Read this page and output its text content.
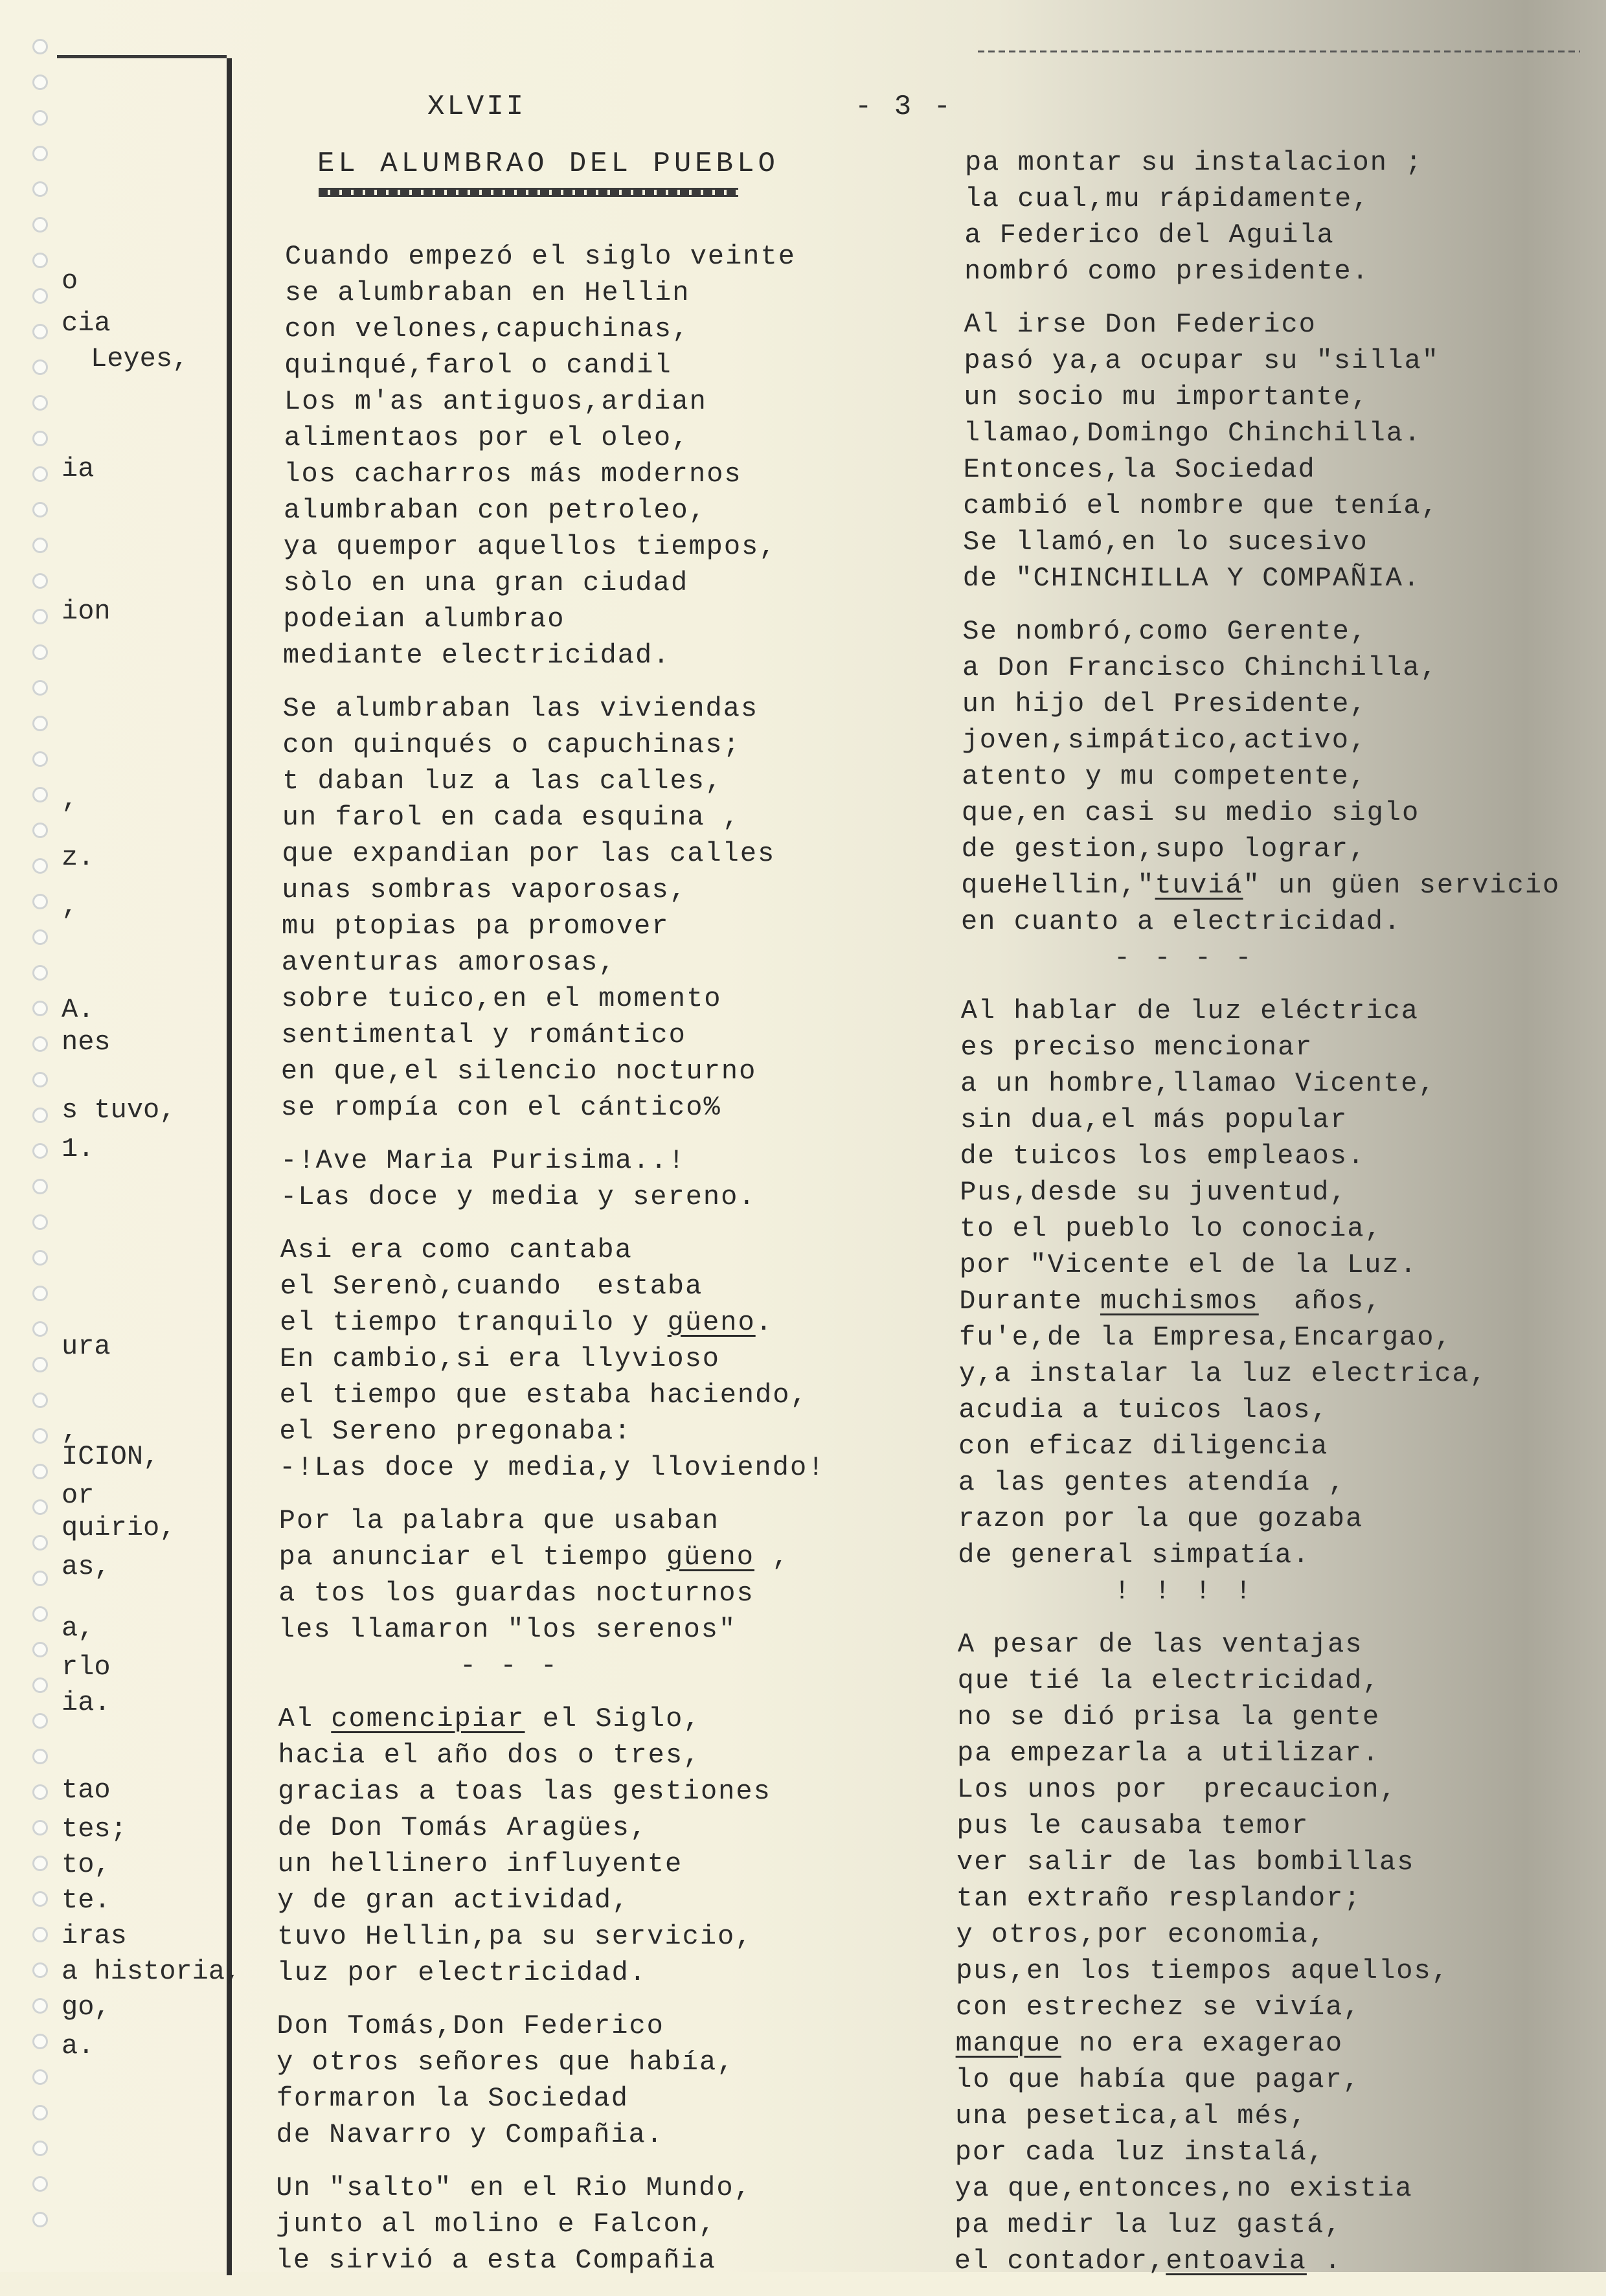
o
cia
Leyes,
ia
ion
,
z.
,
A.
nes
s tuvo,
1.
ura
,
ICION,
or
quirio,
as,
a,
rlo
ia.
tao
tes;
to,
te.
iras
a historia,
go,
a.
XLVII	- 3 -
EL ALUMBRAO DEL PUEBLO
Cuando empezó el siglo veinte
se alumbraban en Hellin
con velones,capuchinas,
quinqué,farol o candil
Los m'as antiguos,ardian
alimentaos por el oleo,
los cacharros más modernos
alumbraban con petroleo,
ya quempor aquellos tiempos,
sòlo en una gran ciudad
podeian alumbrao
mediante electricidad.
Se alumbraban las viviendas
con quinqués o capuchinas;
t daban luz a las calles,
un farol en cada esquina ,
que expandian por las calles
unas sombras vaporosas,
mu ptopias pa promover
aventuras amorosas,
sobre tuico,en el momento
sentimental y romántico
en que,el silencio nocturno
se rompía con el cántico%
-!Ave Maria Purisima..!
-Las doce y media y sereno.
Asi era como cantaba
el Serenò,cuando  estaba
el tiempo tranquilo y güeno.
En cambio,si era llyvioso
el tiempo que estaba haciendo,
el Sereno pregonaba:
-!Las doce y media,y lloviendo!
Por la palabra que usaban
pa anunciar el tiempo güeno ,
a tos los guardas nocturnos
les llamaron "los serenos"
- - -
Al comencipiar el Siglo,
hacia el año dos o tres,
gracias a toas las gestiones
de Don Tomás Aragües,
un hellinero influyente
y de gran actividad,
tuvo Hellin,pa su servicio,
luz por electricidad.
Don Tomás,Don Federico
y otros señores que había,
formaron la Sociedad
de Navarro y Compañia.
Un "salto" en el Rio Mundo,
junto al molino e Falcon,
le sirvió a esta Compañia
pa montar su instalacion ;
la cual,mu rápidamente,
a Federico del Aguila
nombró como presidente.
Al irse Don Federico
pasó ya,a ocupar su "silla"
un socio mu importante,
llamao,Domingo Chinchilla.
Entonces,la Sociedad
cambió el nombre que tenía,
Se llamó,en lo sucesivo
de "CHINCHILLA Y COMPAÑIA.
Se nombró,como Gerente,
a Don Francisco Chinchilla,
un hijo del Presidente,
joven,simpático,activo,
atento y mu competente,
que,en casi su medio siglo
de gestion,supo lograr,
queHellin,"tuviá" un güen servicio
en cuanto a electricidad.
- - - -
Al hablar de luz eléctrica
es preciso mencionar
a un hombre,llamao Vicente,
sin dua,el más popular
de tuicos los empleaos.
Pus,desde su juventud,
to el pueblo lo conocia,
por "Vicente el de la Luz.
Durante muchismos  años,
fu'e,de la Empresa,Encargao,
y,a instalar la luz electrica,
acudia a tuicos laos,
con eficaz diligencia
a las gentes atendía ,
razon por la que gozaba
de general simpatía.
! ! ! !
A pesar de las ventajas
que tié la electricidad,
no se dió prisa la gente
pa empezarla a utilizar.
Los unos por  precaucion,
pus le causaba temor
ver salir de las bombillas
tan extraño resplandor;
y otros,por economia,
pus,en los tiempos aquellos,
con estrechez se vivía,
manque no era exagerao
lo que había que pagar,
una pesetica,al més,
por cada luz instalá,
ya que,entonces,no existia
pa medir la luz gastá,
el contador,entoavia .
